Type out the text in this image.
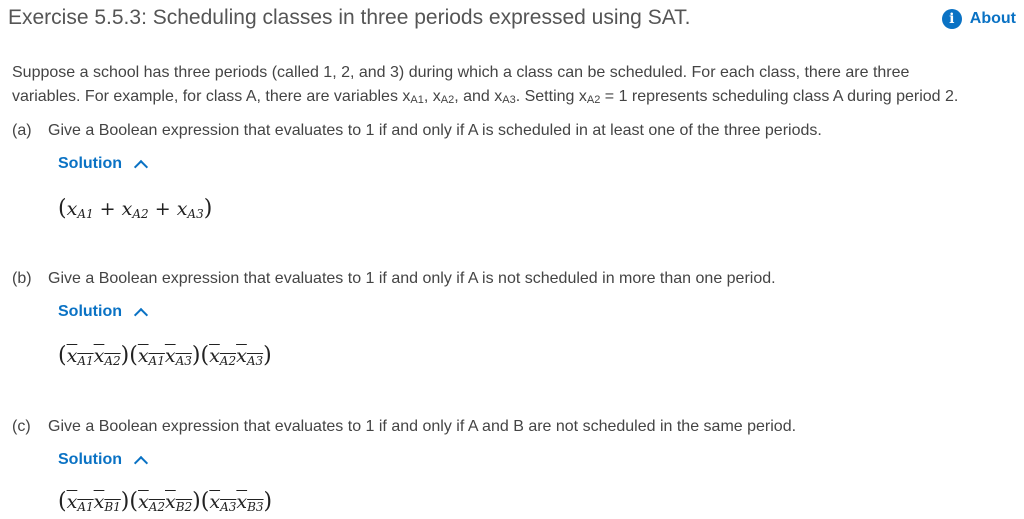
Exercise 5.5.3: Scheduling classes in three periods expressed using SAT.	i About

Suppose a school has three periods (called 1, 2, and 3) during which a class can be scheduled. For each class, there are three

variables. For example, for class A, there are variables $x_{A1}$, $x_{A2}$, and $x_{A3}$. Setting $x_{A2} = 1$ represents scheduling class A during period 2.

(a) Give a Boolean expression that evaluates to 1 if and only if A is scheduled in at least one of the three periods.
Solution
$(x_{A1} + x_{A2} + x_{A3})$
(b) Give a Boolean expression that evaluates to 1 if and only if A is not scheduled in more than one period.
Solution
$(x_{A1}x_{A2})(x_{A1}x_{A3})(x_{A2}x_{A3})$
(c) Give a Boolean expression that evaluates to 1 if and only if A and B are not scheduled in the same period.
Solution
$(x_{A1}x_{B1})(x_{A2}x_{B2})(x_{A3}x_{B3})$
